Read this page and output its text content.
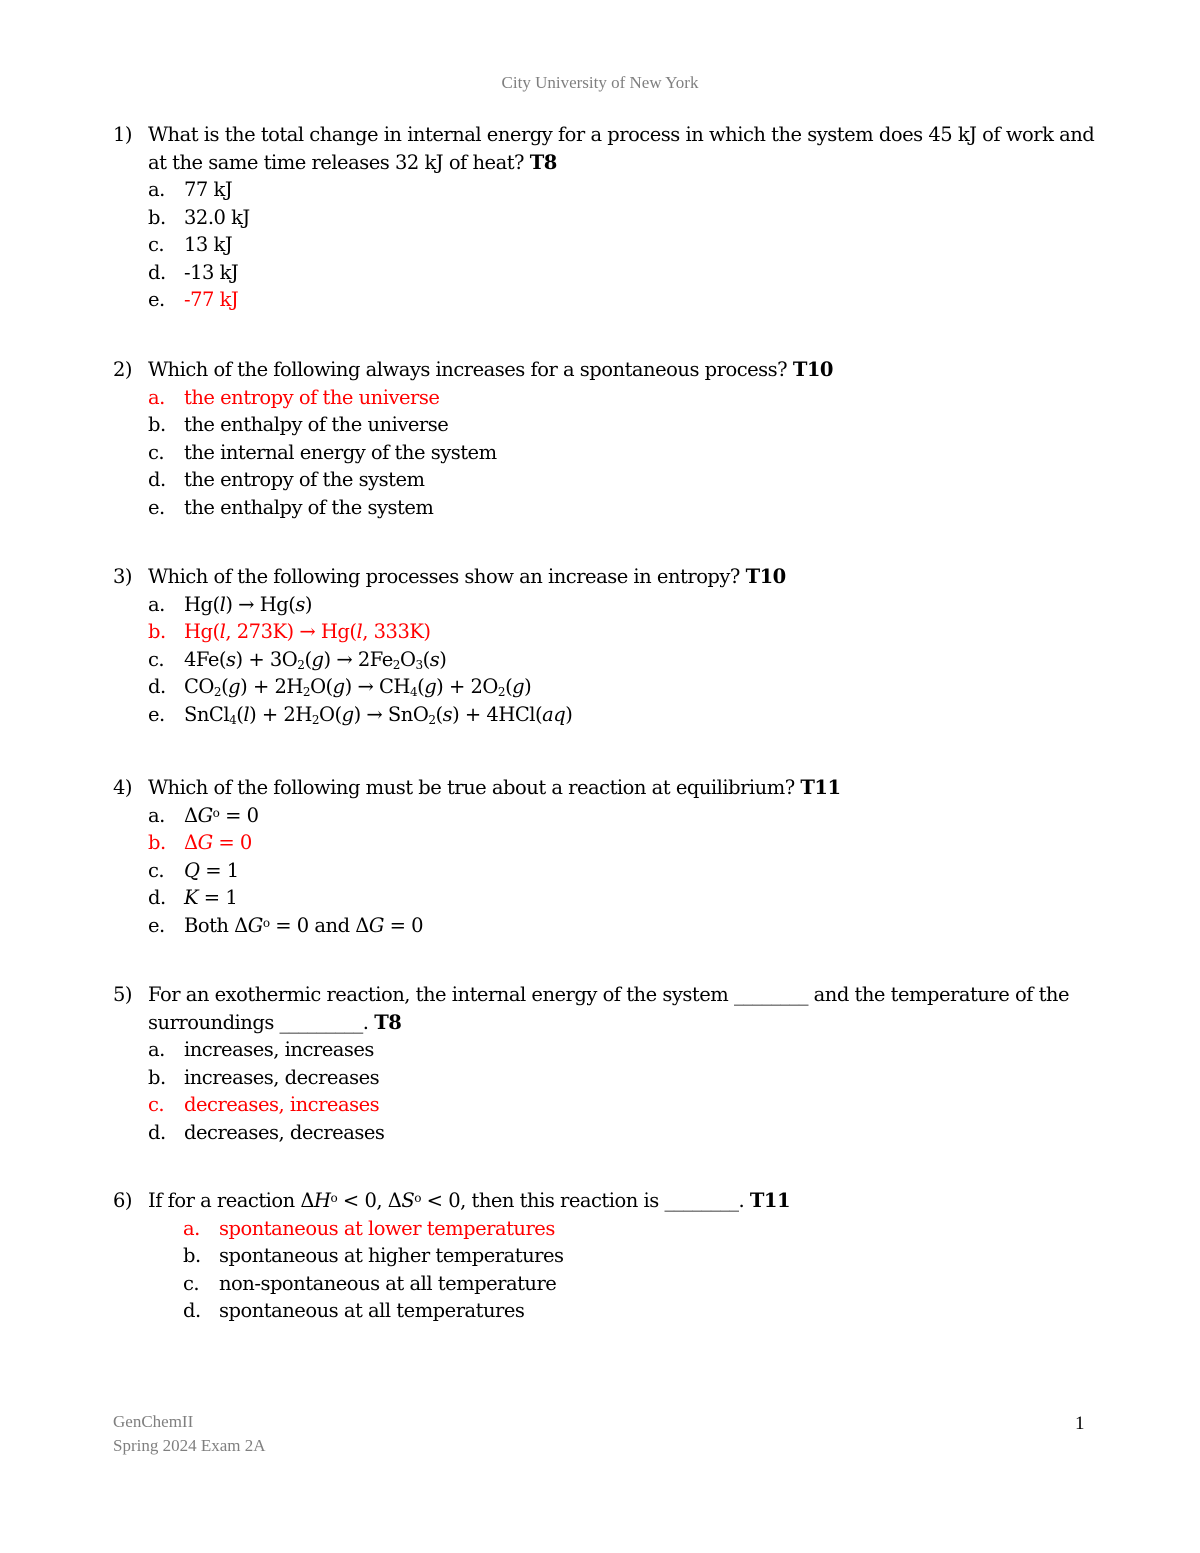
City University of New York
1) What is the total change in internal energy for a process in which the system does 45 kJ of work and at the same time releases 32 kJ of heat? T8
a. 77 kJ
b. 32.0 kJ
c.	13 kJ
d. -13 kJ
e. -77 kJ
2) Which of the following always increases for a spontaneous process? T10
a. the entropy of the universe
b. the enthalpy of the universe
c.	the internal energy of the system
d. the entropy of the system
e. the enthalpy of the system
3) Which of the following processes show an increase in entropy? T10
a. Hg(l) → Hg(s)
b. Hg(l, 273K) → Hg(l, 333K)
c.	$4Fe(s) + 3O_2(g) \to 2Fe_2O_3(s)$
d. $CO_2(g) + 2H_2O(g) \to CH_4(g) + 2O_2(g)$
e. SnCl$_4$(l) + $2H_2O(g) \to SnO_2(s) + 4HCl(aq)$
4) Which of the following must be true about a reaction at equilibrium? T11
a. $\Delta G^o = 0$
b. ΔG = 0
c.	Q = 1
d. K = 1
e. Both $\Delta G^o = 0$ and ΔG = 0
5) For an exothermic reaction, the internal energy of the system ________ and the temperature of the surroundings _________. T8
a. increases, increases
b. increases, decreases
c.	decreases, increases
d. decreases, decreases
6) If for a reaction $\Delta H^o < 0$, $\Delta S^o < 0$, then this reaction is ________. T11
a. spontaneous at lower temperatures
b. spontaneous at higher temperatures
c.	non-spontaneous at all temperature
d. spontaneous at all temperatures
GenChemII
Spring 2024 Exam 2A
1
